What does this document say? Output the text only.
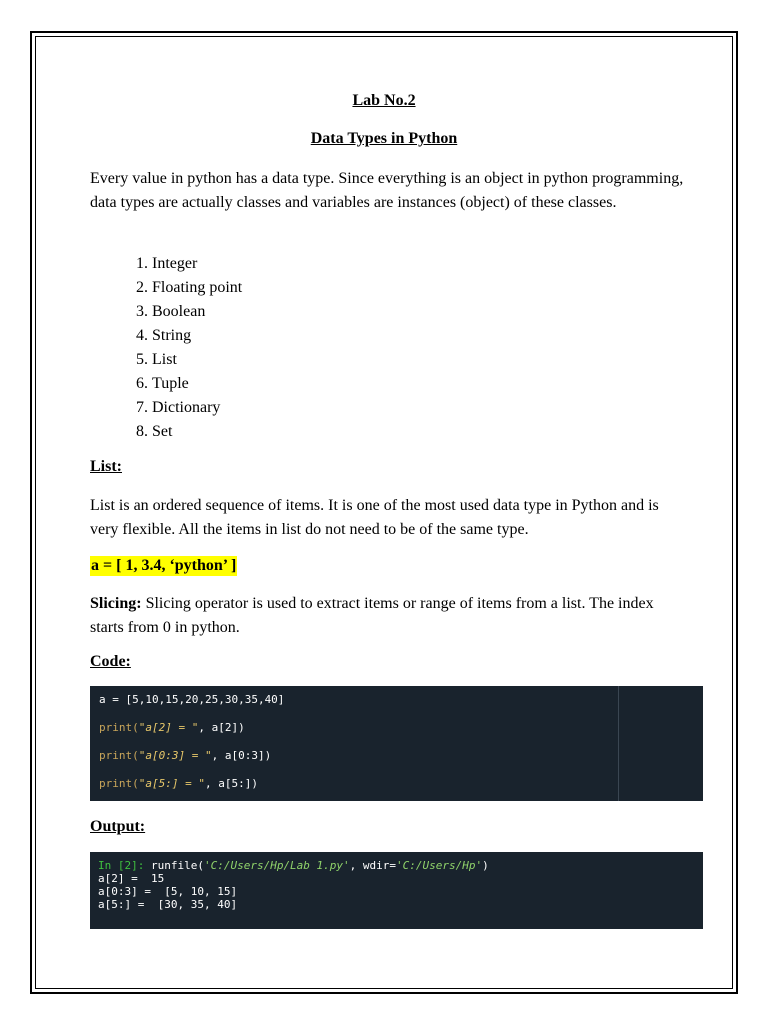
Lab No.2
Data Types in Python
Every value in python has a data type. Since everything is an object in python programming, data types are actually classes and variables are instances (object) of these classes.
1. Integer
2. Floating point
3. Boolean
4. String
5. List
6. Tuple
7. Dictionary
8. Set
List:
List is an ordered sequence of items. It is one of the most used data type in Python and is very flexible. All the items in list do not need to be of the same type.
a = [ 1, 3.4, ‘python’ ]
Slicing: Slicing operator is used to extract items or range of items from a list. The index starts from 0 in python.
Code:
a = [5,10,15,20,25,30,35,40]
print("a[2] = ", a[2])
print("a[0:3] = ", a[0:3])
print("a[5:] = ", a[5:])
Output:
In [2]: runfile('C:/Users/Hp/Lab 1.py', wdir='C:/Users/Hp')
a[2] =  15
a[0:3] =  [5, 10, 15]
a[5:] =  [30, 35, 40]
